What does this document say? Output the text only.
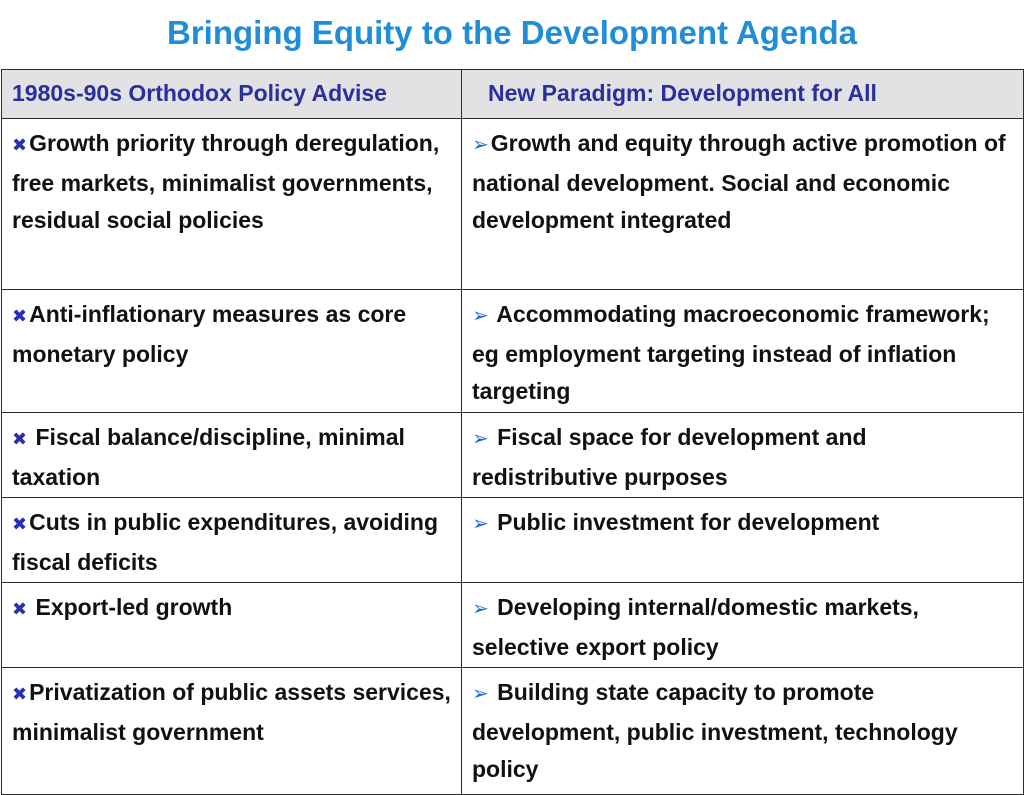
Bringing Equity to the Development Agenda
1980s-90s Orthodox Policy Advise	New Paradigm: Development for All
✖Growth priority through deregulation, free markets, minimalist governments, residual social policies	➢Growth and equity through active promotion of national development. Social and economic development integrated
✖Anti-inflationary measures as core monetary policy	➢ Accommodating macroeconomic framework; eg employment targeting instead of inflation targeting
✖ Fiscal balance/discipline, minimal taxation	➢ Fiscal space for development and redistributive purposes
✖Cuts in public expenditures, avoiding fiscal deficits	➢ Public investment for development
✖ Export-led growth	➢ Developing internal/domestic markets, selective export policy
✖Privatization of public assets services, minimalist government	➢ Building state capacity to promote development, public investment, technology policy
